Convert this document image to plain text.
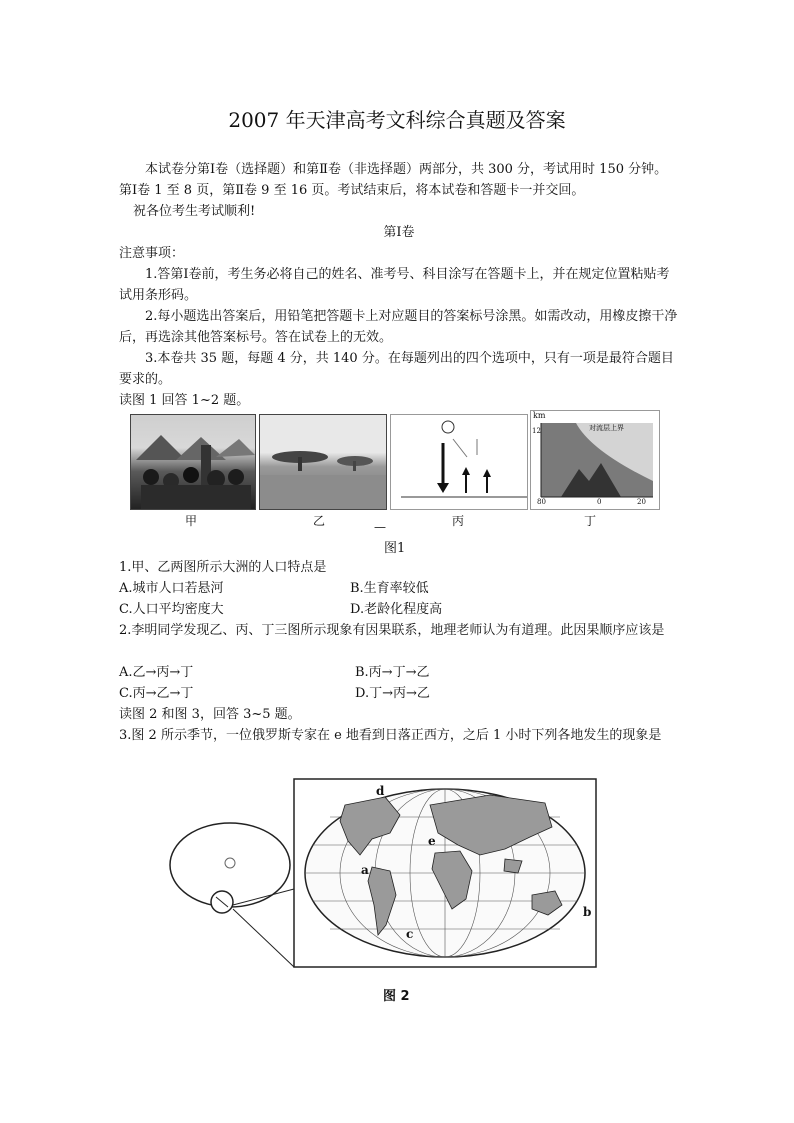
2007 年天津高考文科综合真题及答案
本试卷分第Ⅰ卷（选择题）和第Ⅱ卷（非选择题）两部分，共 300 分，考试用时 150 分钟。第Ⅰ卷 1 至 8 页，第Ⅱ卷 9 至 16 页。考试结束后，将本试卷和答题卡一并交回。
祝各位考生考试顺利!
第Ⅰ卷
注意事项：
1.答第Ⅰ卷前，考生务必将自己的姓名、准考号、科目涂写在答题卡上，并在规定位置粘贴考试用条形码。
2.每小题选出答案后，用铅笔把答题卡上对应题目的答案标号涂黑。如需改动，用橡皮擦干净后，再选涂其他答案标号。答在试卷上的无效。
3.本卷共 35 题，每题 4 分，共 140 分。在每题列出的四个选项中，只有一项是最符合题目要求的。
读图 1 回答 1~2 题。
km
对流层上界
12
80	0	20
甲	乙	丙	丁
—
图1
1.甲、乙两图所示大洲的人口特点是
A.城市人口若悬河	B.生育率较低
C.人口平均密度大	D.老龄化程度高
2.李明同学发现乙、丙、丁三图所示现象有因果联系，地理老师认为有道理。此因果顺序应该是
A.乙→丙→丁	B.丙→丁→乙
C.丙→乙→丁	D.丁→丙→乙
读图 2 和图 3，回答 3~5 题。
3.图 2 所示季节，一位俄罗斯专家在 e 地看到日落正西方，之后 1 小时下列各地发生的现象是
a
b
c
d
e
图 2
